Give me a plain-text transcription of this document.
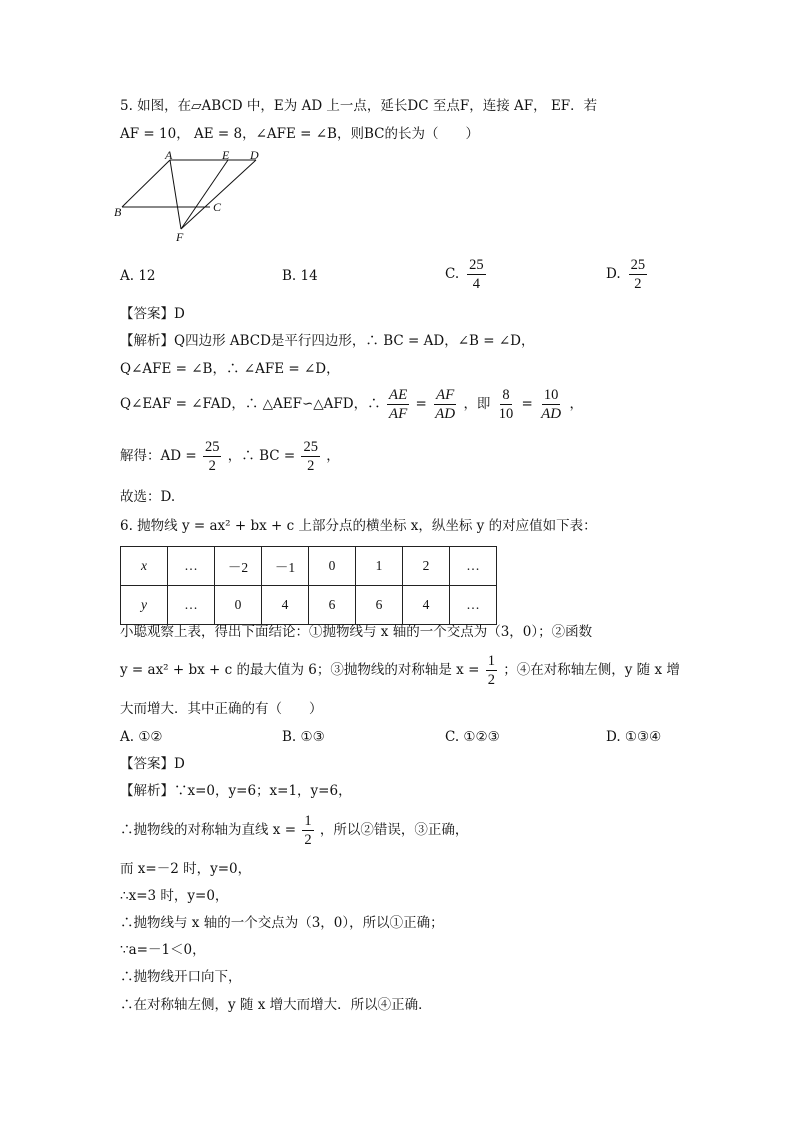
5. 如图，在▱ABCD 中，E为 AD 上一点，延长DC 至点F，连接 AF， EF．若
AF = 10， AE = 8，∠AFE = ∠B，则BC的长为（　　）
A	E D
B	C
F
A. 12	B. 14	C. $\frac{25}{4}$	D. $\frac{25}{2}$
【答案】D
【解析】Q四边形 ABCD是平行四边形，∴ BC = AD，∠B = ∠D，
Q∠AFE = ∠B，∴ ∠AFE = ∠D，
Q∠EAF = ∠FAD，∴ △AEF∽△AFD，∴ $\frac{AE}{AF} = \frac{AF}{AD}$ ，即 $\frac{8}{10} = \frac{10}{AD}$ ，
解得：AD = $\frac{25}{2}$ ，∴ BC = $\frac{25}{2}$ ，
故选：D.
6. 抛物线 y = ax² + bx + c 上部分点的横坐标 x，纵坐标 y 的对应值如下表：
x	…	－2	－1	0	1	2	…
y	…	0	4	6	6	4	…
小聪观察上表，得出下面结论：①抛物线与 x 轴的一个交点为（3，0）；②函数
y = ax² + bx + c 的最大值为 6；③抛物线的对称轴是 $x = \frac{1}{2}$ ；④在对称轴左侧，y 随 x 增
大而增大．其中正确的有（　　）
A. ①②	B. ①③	C. ①②③	D. ①③④
【答案】D
【解析】∵x=0，y=6；x=1，y=6，
∴抛物线的对称轴为直线 $x = \frac{1}{2}$ ，所以②错误，③正确，
而 x=－2 时，y=0，
∴x=3 时，y=0，
∴抛物线与 x 轴的一个交点为（3，0），所以①正确；
∵a=－1＜0，
∴抛物线开口向下，
∴在对称轴左侧，y 随 x 增大而增大．所以④正确．
